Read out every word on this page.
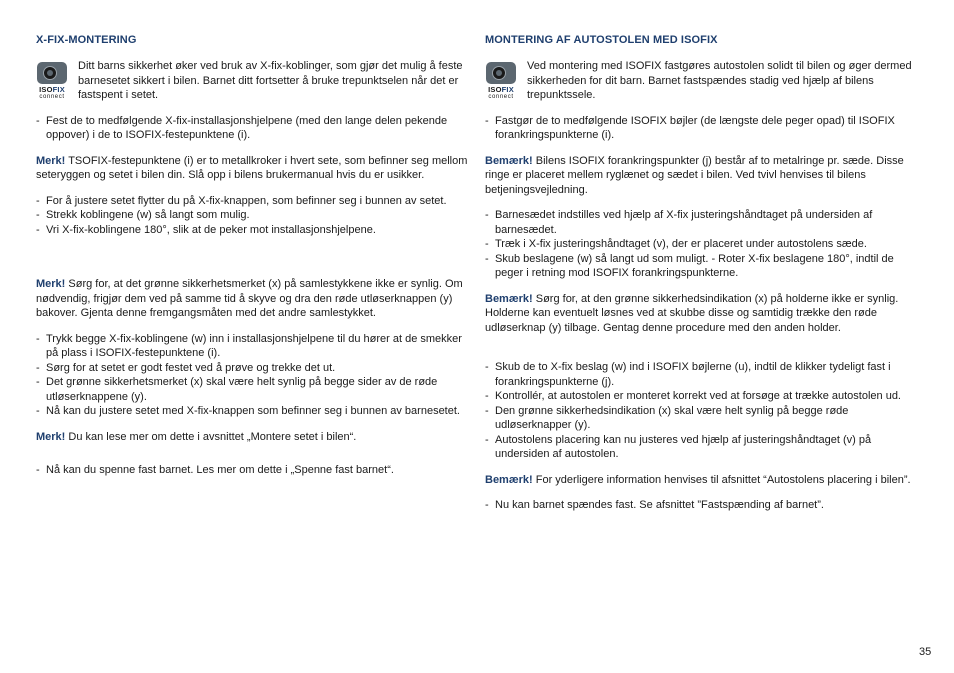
X-FIX-MONTERING
ISOFIX
connect
Ditt barns sikkerhet øker ved bruk av X-fix-koblinger, som gjør det mulig å feste barnesetet sikkert i bilen. Barnet ditt fortsetter å bruke trepunktselen når det er fastspent i setet.
- Fest de to medfølgende X-fix-installasjonshjelpene (med den lange delen pekende oppover) i de to ISOFIX-festepunktene (i).

Merk! TSOFIX-festepunktene (i) er to metallkroker i hvert sete, som befinner seg mellom seteryggen og setet i bilen din. Slå opp i bilens brukermanual hvis du er usikker.

- For å justere setet flytter du på X-fix-knappen, som befinner seg i bunnen av setet.
- Strekk koblingene (w) så langt som mulig.
- Vri X-fix-koblingene 180°, slik at de peker mot installasjonshjelpene.

Merk! Sørg for, at det grønne sikkerhetsmerket (x) på samlestykkene ikke er synlig. Om nødvendig, frigjør dem ved på samme tid å skyve og dra den røde utløserknappen (y) bakover. Gjenta denne fremgangsmåten med det andre samlestykket.

- Trykk begge X-fix-koblingene (w) inn i installasjonshjelpene til du hører at de smekker på plass i ISOFIX-festepunktene (i).
- Sørg for at setet er godt festet ved å prøve og trekke det ut.
- Det grønne sikkerhetsmerket (x) skal være helt synlig på begge sider av de røde utløserknappene (y).
- Nå kan du justere setet med X-fix-knappen som befinner seg i bunnen av barnesetet.

Merk! Du kan lese mer om dette i avsnittet „Montere setet i bilen“.

- Nå kan du spenne fast barnet. Les mer om dette i „Spenne fast barnet“.
MONTERING AF AUTOSTOLEN MED ISOFIX
ISOFIX
connect
Ved montering med ISOFIX fastgøres autostolen solidt til bilen og øger dermed sikkerheden for dit barn. Barnet fastspændes stadig ved hjælp af bilens trepunktssele.
- Fastgør de to medfølgende ISOFIX bøjler (de længste dele peger opad) til ISOFIX forankringspunkterne (i).

Bemærk! Bilens ISOFIX forankringspunkter (j) består af to metalringe pr. sæde. Disse ringe er placeret mellem ryglænet og sædet i bilen. Ved tvivl henvises til bilens betjeningsvejledning.

- Barnesædet indstilles ved hjælp af X-fix justeringshåndtaget på undersiden af barnesædet.
- Træk i X-fix justeringshåndtaget (v), der er placeret under autostolens sæde.
- Skub beslagene (w) så langt ud som muligt. - Roter X-fix beslagene 180°, indtil de peger i retning mod ISOFIX forankringspunkterne.

Bemærk! Sørg for, at den grønne sikkerhedsindikation (x) på holderne ikke er synlig. Holderne kan eventuelt løsnes ved at skubbe disse og samtidig trække den røde udløserknap (y) tilbage. Gentag denne procedure med den anden holder.

- Skub de to X-fix beslag (w) ind i ISOFIX bøjlerne (u), indtil de klikker tydeligt fast i forankringspunkterne (j).
- Kontrollér, at autostolen er monteret korrekt ved at forsøge at trække autostolen ud.
- Den grønne sikkerhedsindikation (x) skal være helt synlig på begge røde udløserknapper (y).
- Autostolens placering kan nu justeres ved hjælp af justeringshåndtaget (v) på undersiden af autostolen.

Bemærk! For yderligere information henvises til afsnittet “Autostolens placering i bilen”.

- Nu kan barnet spændes fast. Se afsnittet ”Fastspænding af barnet”.
35
